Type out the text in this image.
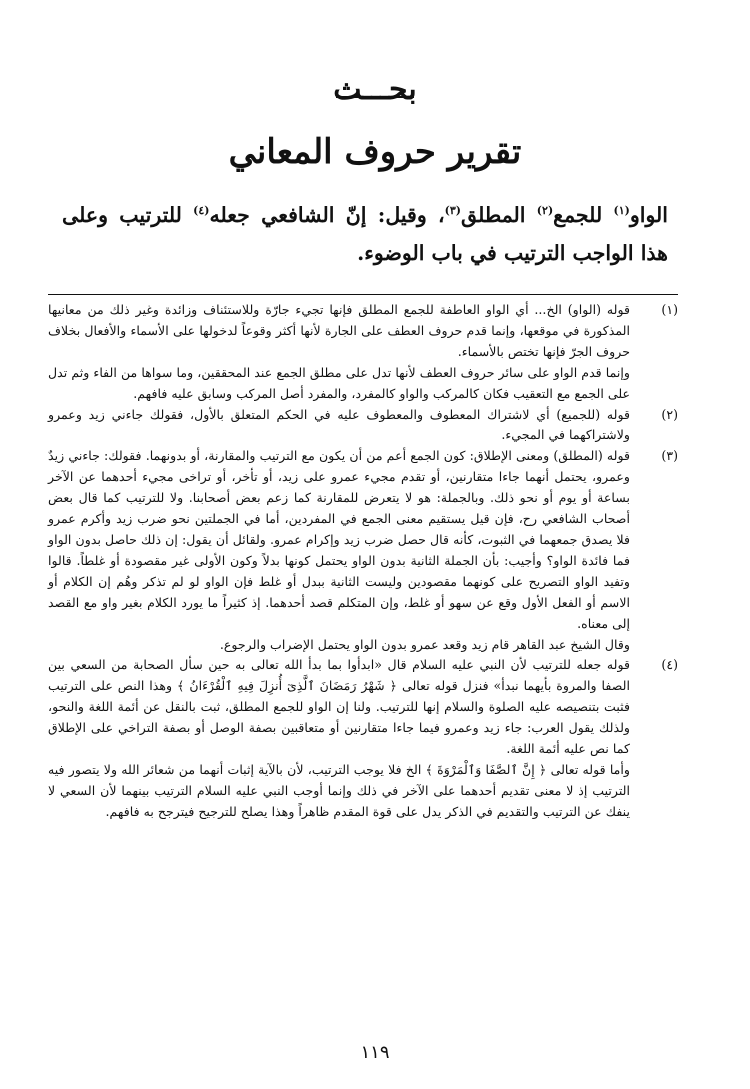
بحـــث
تقرير حروف المعاني
الواو$^{(١)}$ للجمع$^{(٢)}$ المطلق$^{(٣)}$، وقيل: إنّ الشافعي جعله$^{(٤)}$ للترتيب وعلى هذا الواجب الترتيب في باب الوضوء.
(١)

قوله (الواو) الخ... أي الواو العاطفة للجمع المطلق فإنها تجيء جارّة وللاستئناف وزائدة وغير ذلك من معانيها المذكورة في موقعها، وإنما قدم حروف العطف على الجارة لأنها أكثر وقوعاً لدخولها على الأسماء والأفعال بخلاف حروف الجرّ فإنها تختص بالأسماء.

وإنما قدم الواو على سائر حروف العطف لأنها تدل على مطلق الجمع عند المحققين، وما سواها من الفاء وثم تدل على الجمع مع التعقيب فكان كالمركب والواو كالمفرد، والمفرد أصل المركب وسابق عليه فافهم.

(٢)

قوله (للجميع) أي لاشتراك المعطوف والمعطوف عليه في الحكم المتعلق بالأول، فقولك جاءني زيد وعمرو ولاشتراكهما في المجيء.

(٣)

قوله (المطلق) ومعنى الإطلاق: كون الجمع أعم من أن يكون مع الترتيب والمقارنة، أو بدونهما. فقولك: جاءني زيدٌ وعمرو، يحتمل أنهما جاءا متقارنين، أو تقدم مجيء عمرو على زيد، أو تأخر، أو تراخى مجيء أحدهما عن الآخر بساعة أو يوم أو نحو ذلك. وبالجملة: هو لا يتعرض للمقارنة كما زعم بعض أصحابنا. ولا للترتيب كما قال بعض أصحاب الشافعي رح، فإن قيل يستقيم معنى الجمع في المفردين، أما في الجملتين نحو ضرب زيد وأكرم عمرو فلا يصدق جمعهما في الثبوت، كأنه قال حصل ضرب زيد وإكرام عمرو. ولقائل أن يقول: إن ذلك حاصل بدون الواو فما فائدة الواو؟ وأجيب: بأن الجملة الثانية بدون الواو يحتمل كونها بدلاً وكون الأولى غير مقصودة أو غلطاً. قالوا وتفيد الواو التصريح على كونهما مقصودين وليست الثانية ببدل أو غلط فإن الواو لو لم تذكر وهُم إن الكلام أو الاسم أو الفعل الأول وقع عن سهو أو غلط، وإن المتكلم قصد أحدهما. إذ كثيراً ما يورد الكلام بغير واو مع القصد إلى معناه.

وقال الشيخ عبد القاهر قام زيد وقعد عمرو بدون الواو يحتمل الإضراب والرجوع.

(٤)

قوله جعله للترتيب لأن النبي عليه السلام قال «ابدأوا بما بدأ الله تعالى به حين سأل الصحابة من السعي بين الصفا والمروة بأيهما نبدأ» فنزل قوله تعالى ﴿ شَهْرُ رَمَضَانَ ٱلَّذِىٓ أُنزِلَ فِيهِ ٱلْقُرْءَانُ ﴾ وهذا النص على الترتيب فثبت بتنصيصه عليه الصلوة والسلام إنها للترتيب. ولنا إن الواو للجمع المطلق، ثبت بالنقل عن أئمة اللغة والنحو، ولذلك يقول العرب: جاء زيد وعمرو فيما جاءا متقارنين أو متعاقبين بصفة الوصل أو بصفة التراخي على الإطلاق كما نص عليه أئمة اللغة.

وأما قوله تعالى ﴿ إِنَّ ٱلصَّفَا وَٱلْمَرْوَةَ ﴾ الخ فلا يوجب الترتيب، لأن بالآية إثبات أنهما من شعائر الله ولا يتصور فيه الترتيب إذ لا معنى تقديم أحدهما على الآخر في ذلك وإنما أوجب النبي عليه السلام الترتيب بينهما لأن السعي لا ينفك عن الترتيب والتقديم في الذكر يدل على قوة المقدم ظاهراً وهذا يصلح للترجيح فيترجح به فافهم.

١١٩
